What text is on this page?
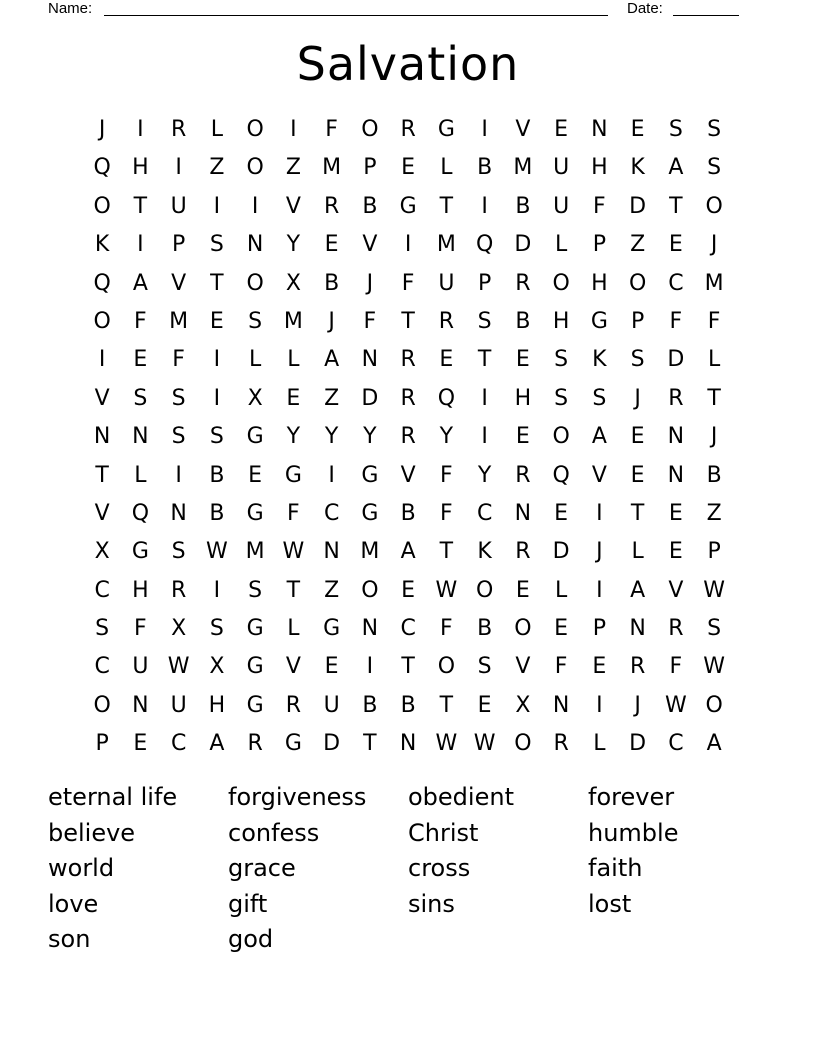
Name:	Date:
Salvation
J	I	R	L	O	I	F	O R	G	I	V	E	N	E	S	S
Q H	I	Z	O	Z M	P	E	L	B M U H	K	A	S
O	T	U	I	I	V	R	B	G	T	I	B	U	F	D	T	O
K	I	P	S	N	Y	E	V	I	M Q D	L	P	Z	E	J
Q	A	V	T	O	X	B	J	F	U	P	R O H O C M
O	F	M E	S M	J	F	T	R	S	B	H G	P	F	F
I	E	F	I	L	L	A	N	R	E	T	E	S	K	S	D	L
V	S	S	I	X	E	Z	D	R Q	I	H	S	S	J	R	T
N N	S	S	G	Y	Y	Y	R	Y	I	E	O	A	E	N	J
T	L	I	B	E	G	I	G	V	F	Y	R Q	V	E	N	B
V	Q N	B	G	F	C	G	B	F	C	N	E	I	T	E	Z
X	G	S W M W N M A	T	K	R	D	J	L	E	P
C	H	R	I	S	T	Z	O	E W O	E	L	I	A	V W
S	F	X	S	G	L	G N	C	F	B	O	E	P	N	R	S
C	U W X	G	V	E	I	T	O	S	V	F	E	R	F W
O N U H G	R	U	B	B	T	E	X	N	I	J	W O
P	E	C	A	R	G D	T	N W W O R	L	D	C	A
eternal life	forgiveness	obedient	forever
believe	confess	Christ	humble
world	grace	cross	faith
love	gift	sins	lost
son	god
